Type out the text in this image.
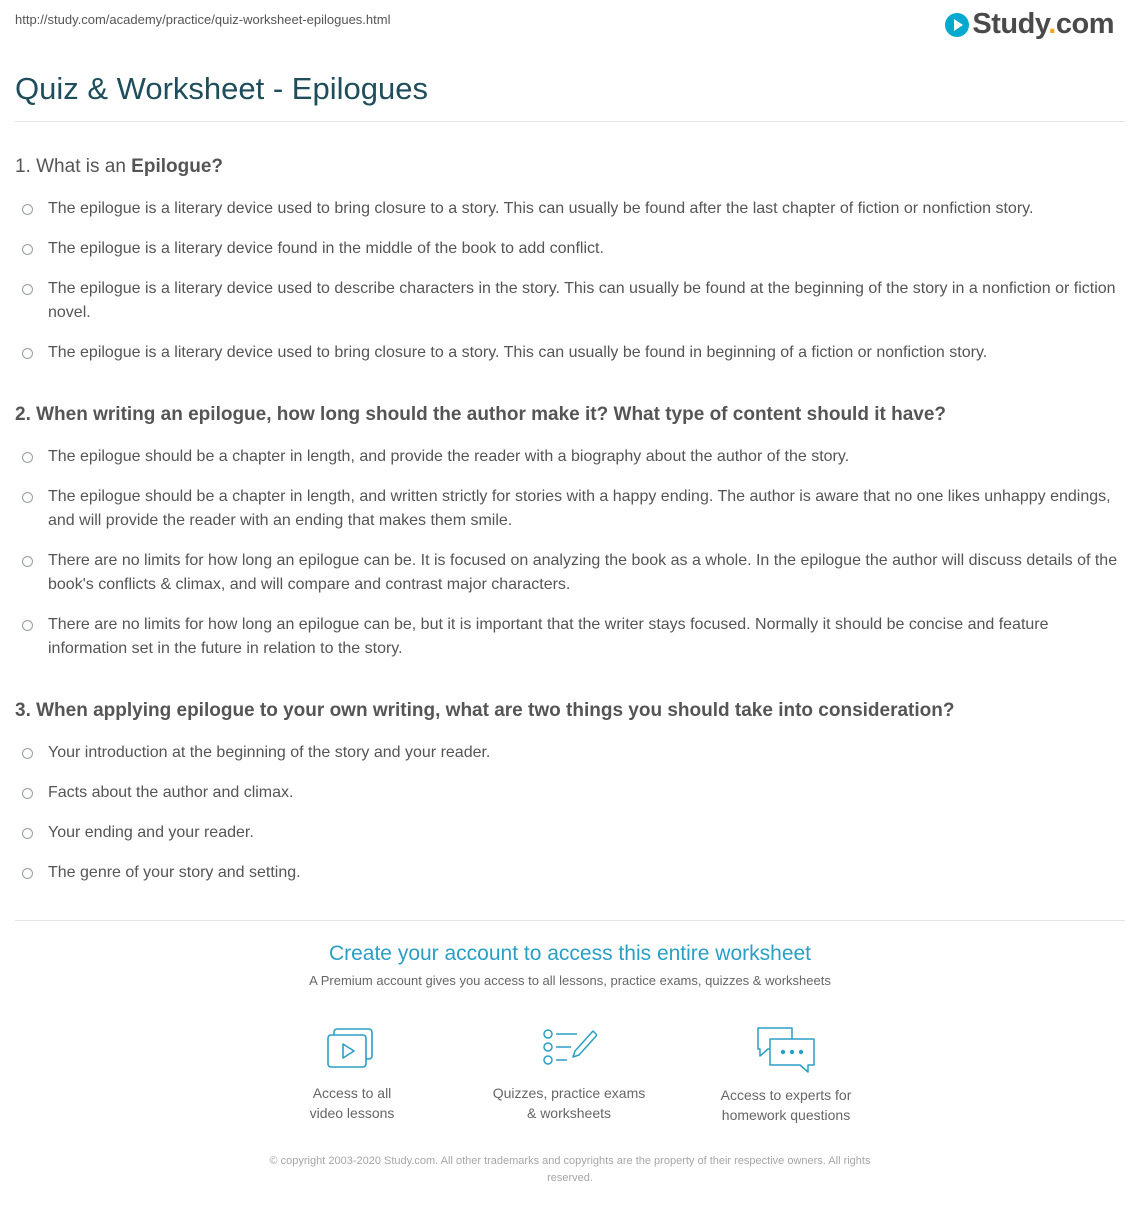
http://study.com/academy/practice/quiz-worksheet-epilogues.html	Study.com
Quiz & Worksheet - Epilogues
1. What is an Epilogue?
The epilogue is a literary device used to bring closure to a story. This can usually be found after the last chapter of fiction or nonfiction story.
The epilogue is a literary device found in the middle of the book to add conflict.
The epilogue is a literary device used to describe characters in the story. This can usually be found at the beginning of the story in a nonfiction or fiction novel.
The epilogue is a literary device used to bring closure to a story. This can usually be found in beginning of a fiction or nonfiction story.
2. When writing an epilogue, how long should the author make it? What type of content should it have?
The epilogue should be a chapter in length, and provide the reader with a biography about the author of the story.
The epilogue should be a chapter in length, and written strictly for stories with a happy ending. The author is aware that no one likes unhappy endings, and will provide the reader with an ending that makes them smile.
There are no limits for how long an epilogue can be. It is focused on analyzing the book as a whole. In the epilogue the author will discuss details of the book's conflicts & climax, and will compare and contrast major characters.
There are no limits for how long an epilogue can be, but it is important that the writer stays focused. Normally it should be concise and feature information set in the future in relation to the story.
3. When applying epilogue to your own writing, what are two things you should take into consideration?
Your introduction at the beginning of the story and your reader.
Facts about the author and climax.
Your ending and your reader.
The genre of your story and setting.
Create your account to access this entire worksheet
A Premium account gives you access to all lessons, practice exams, quizzes & worksheets
Access to all
video lessons
Quizzes, practice exams
& worksheets
Access to experts for
homework questions
© copyright 2003-2020 Study.com. All other trademarks and copyrights are the property of their respective owners. All rights
reserved.
